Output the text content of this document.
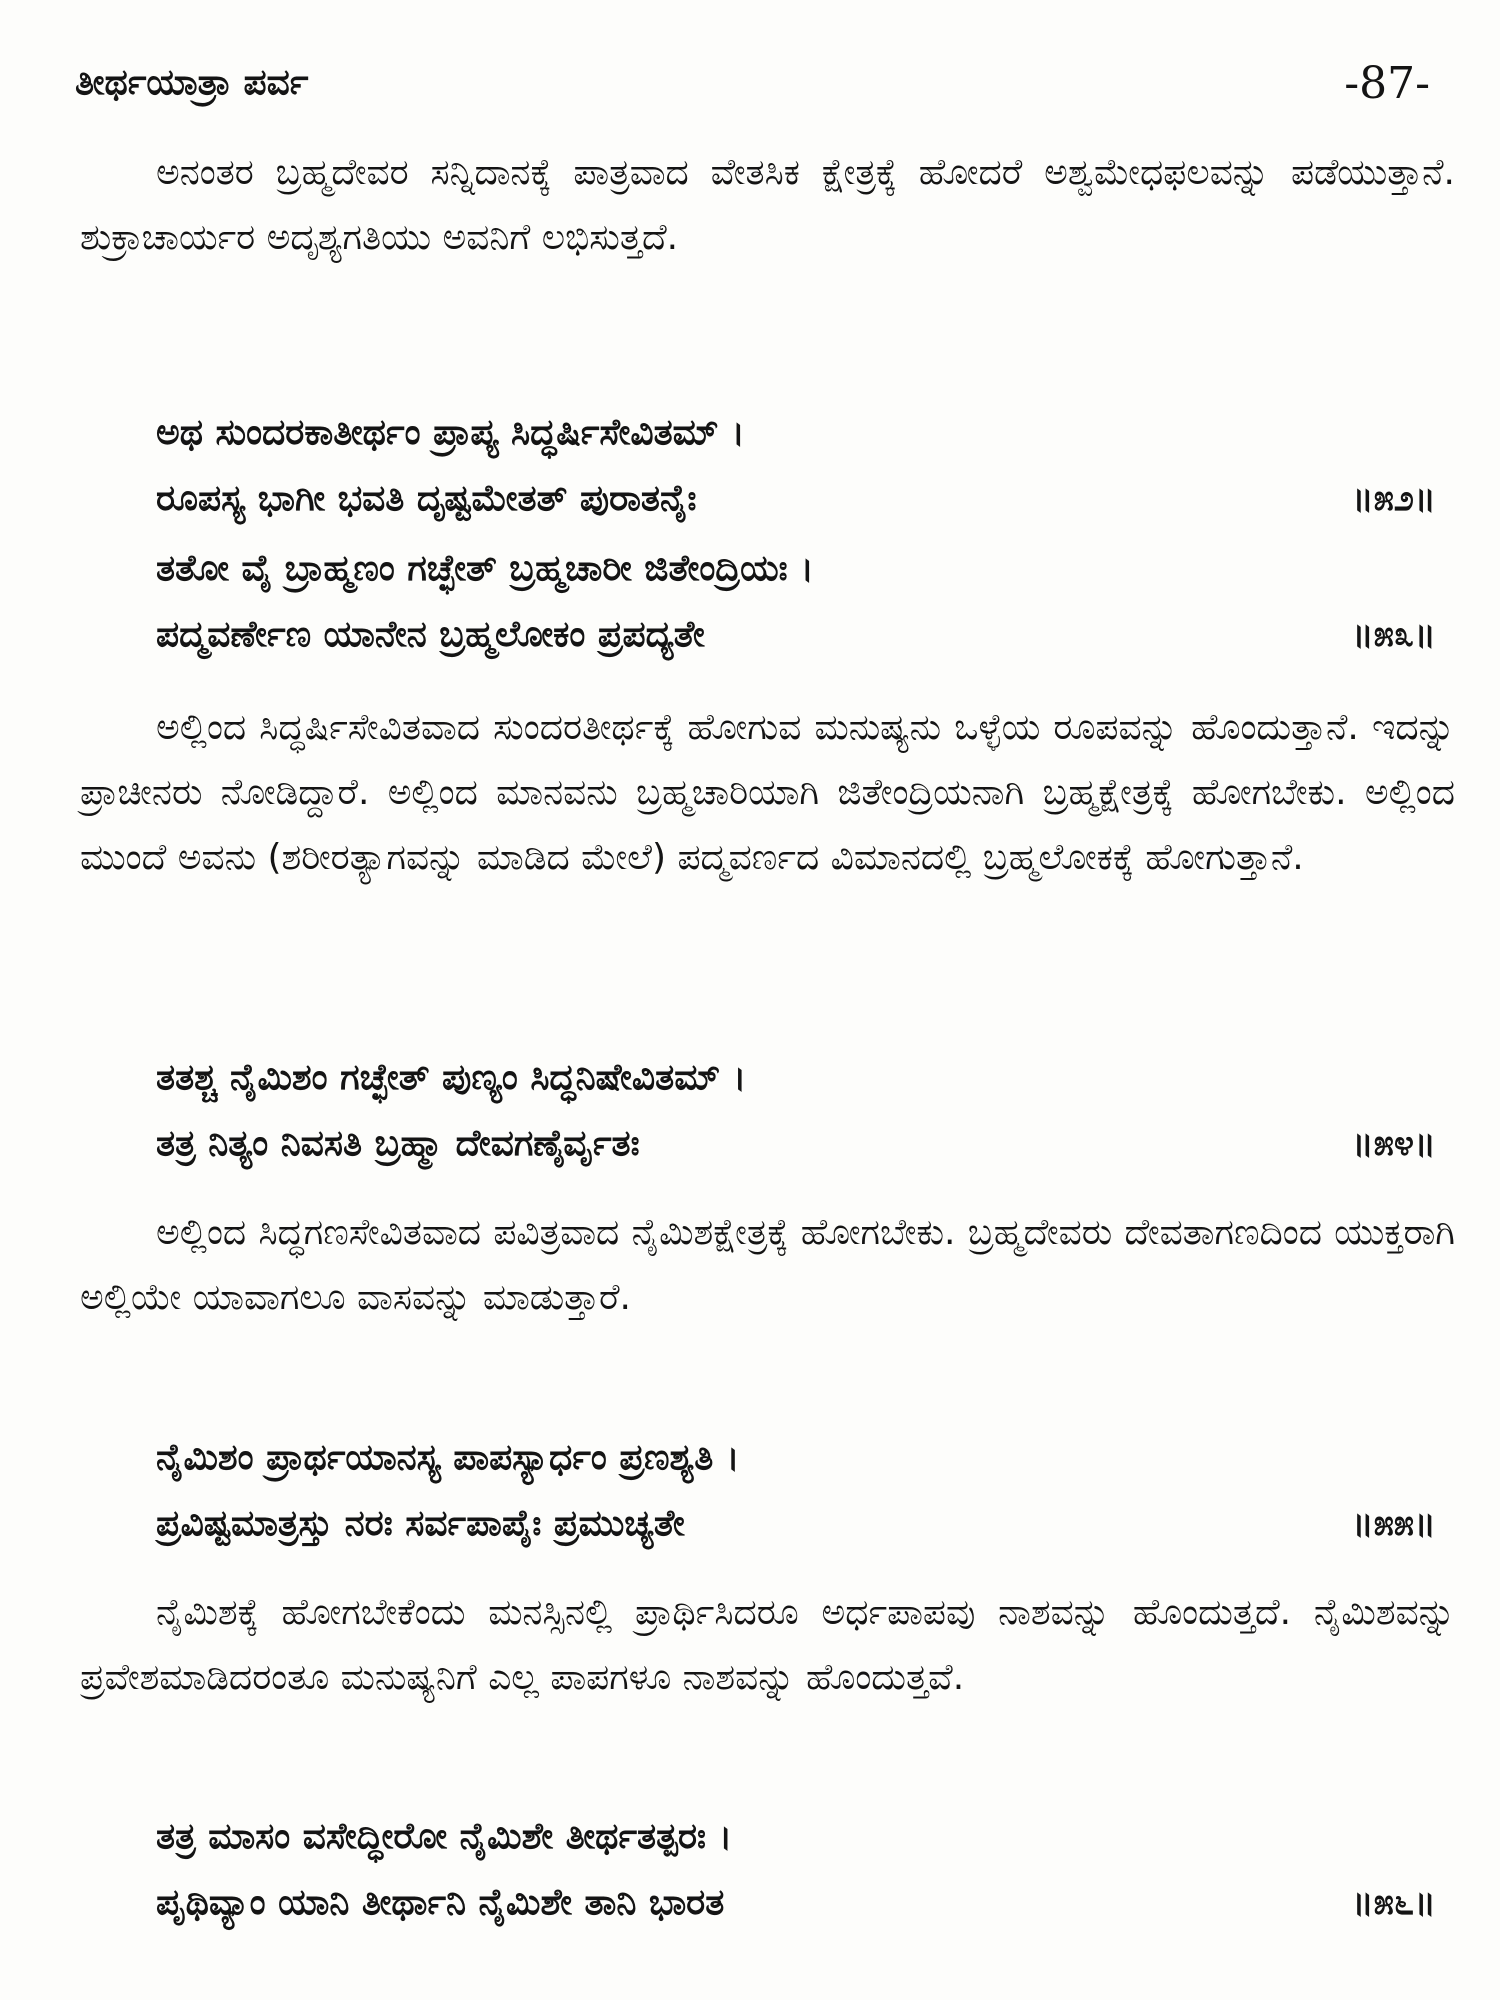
ತೀರ್ಥಯಾತ್ರಾ ಪರ್ವ	-87-

ಅನಂತರ ಬ್ರಹ್ಮದೇವರ ಸನ್ನಿದಾನಕ್ಕೆ ಪಾತ್ರವಾದ ವೇತಸಿಕ ಕ್ಷೇತ್ರಕ್ಕೆ ಹೋದರೆ ಅಶ್ವಮೇಧಫಲವನ್ನು ಪಡೆಯುತ್ತಾನೆ. ಶುಕ್ರಾಚಾರ್ಯರ ಅದೃಶ್ಯಗತಿಯು ಅವನಿಗೆ ಲಭಿಸುತ್ತದೆ.

ಅಥ ಸುಂದರಕಾತೀರ್ಥಂ ಪ್ರಾಪ್ಯ ಸಿದ್ಧರ್ಷಿಸೇವಿತಮ್ ।
ರೂಪಸ್ಯ ಭಾಗೀ ಭವತಿ ದೃಷ್ಟಮೇತತ್ ಪುರಾತನೈಃ	॥೫೨॥
ತತೋ ವೈ ಬ್ರಾಹ್ಮಣಂ ಗಚ್ಛೇತ್ ಬ್ರಹ್ಮಚಾರೀ ಜಿತೇಂದ್ರಿಯಃ ।
ಪದ್ಮವರ್ಣೇಣ ಯಾನೇನ ಬ್ರಹ್ಮಲೋಕಂ ಪ್ರಪದ್ಯತೇ	॥೫೩॥

ಅಲ್ಲಿಂದ ಸಿದ್ಧರ್ಷಿಸೇವಿತವಾದ ಸುಂದರತೀರ್ಥಕ್ಕೆ ಹೋಗುವ ಮನುಷ್ಯನು ಒಳ್ಳೆಯ ರೂಪವನ್ನು ಹೊಂದುತ್ತಾನೆ. ಇದನ್ನು ಪ್ರಾಚೀನರು ನೋಡಿದ್ದಾರೆ. ಅಲ್ಲಿಂದ ಮಾನವನು ಬ್ರಹ್ಮಚಾರಿಯಾಗಿ ಜಿತೇಂದ್ರಿಯನಾಗಿ ಬ್ರಹ್ಮಕ್ಷೇತ್ರಕ್ಕೆ ಹೋಗಬೇಕು. ಅಲ್ಲಿಂದ ಮುಂದೆ ಅವನು (ಶರೀರತ್ಯಾಗವನ್ನು ಮಾಡಿದ ಮೇಲೆ) ಪದ್ಮವರ್ಣದ ವಿಮಾನದಲ್ಲಿ ಬ್ರಹ್ಮಲೋಕಕ್ಕೆ ಹೋಗುತ್ತಾನೆ.

ತತಶ್ಚ ನೈಮಿಶಂ ಗಚ್ಛೇತ್ ಪುಣ್ಯಂ ಸಿದ್ಧನಿಷೇವಿತಮ್ ।
ತತ್ರ ನಿತ್ಯಂ ನಿವಸತಿ ಬ್ರಹ್ಮಾ ದೇವಗಣೈರ್ವೃತಃ	॥೫೪॥

ಅಲ್ಲಿಂದ ಸಿದ್ಧಗಣಸೇವಿತವಾದ ಪವಿತ್ರವಾದ ನೈಮಿಶಕ್ಷೇತ್ರಕ್ಕೆ ಹೋಗಬೇಕು. ಬ್ರಹ್ಮದೇವರು ದೇವತಾಗಣದಿಂದ ಯುಕ್ತರಾಗಿ ಅಲ್ಲಿಯೇ ಯಾವಾಗಲೂ ವಾಸವನ್ನು ಮಾಡುತ್ತಾರೆ.

ನೈಮಿಶಂ ಪ್ರಾರ್ಥಯಾನಸ್ಯ ಪಾಪಸ್ಯಾರ್ಧಂ ಪ್ರಣಶ್ಯತಿ ।
ಪ್ರವಿಷ್ಟಮಾತ್ರಸ್ತು ನರಃ ಸರ್ವಪಾಪೈಃ ಪ್ರಮುಚ್ಯತೇ	॥೫೫॥

ನೈಮಿಶಕ್ಕೆ ಹೋಗಬೇಕೆಂದು ಮನಸ್ಸಿನಲ್ಲಿ ಪ್ರಾರ್ಥಿಸಿದರೂ ಅರ್ಧಪಾಪವು ನಾಶವನ್ನು ಹೊಂದುತ್ತದೆ. ನೈಮಿಶವನ್ನು ಪ್ರವೇಶಮಾಡಿದರಂತೂ ಮನುಷ್ಯನಿಗೆ ಎಲ್ಲ ಪಾಪಗಳೂ ನಾಶವನ್ನು ಹೊಂದುತ್ತವೆ.

ತತ್ರ ಮಾಸಂ ವಸೇದ್ಧೀರೋ ನೈಮಿಶೇ ತೀರ್ಥತತ್ಪರಃ ।
ಪೃಥಿವ್ಯಾಂ ಯಾನಿ ತೀರ್ಥಾನಿ ನೈಮಿಶೇ ತಾನಿ ಭಾರತ	॥೫೬॥
